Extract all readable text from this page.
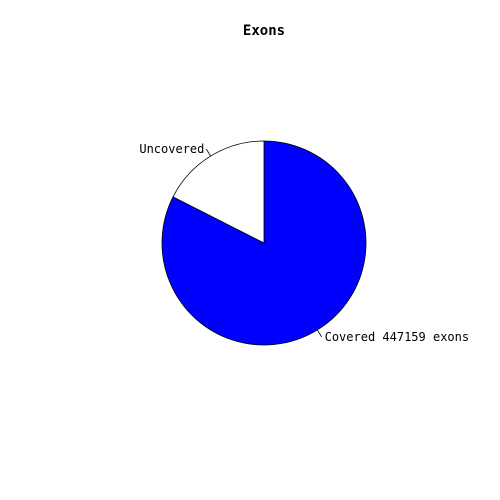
Exons
Covered 447159 exons
Uncovered
